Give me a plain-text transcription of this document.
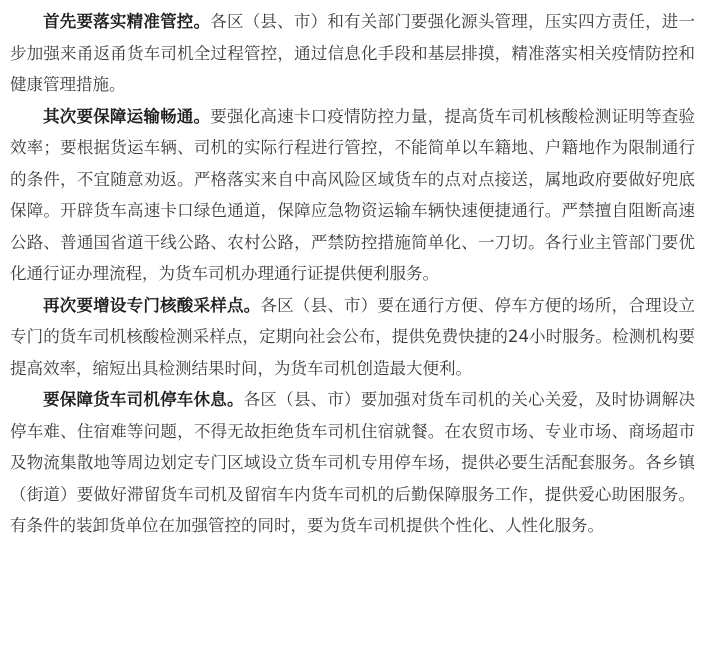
首先要落实精准管控。各区（县、市）和有关部门要强化源头管理，压实四方责任，进一步加强来甬返甬货车司机全过程管控，通过信息化手段和基层排摸，精准落实相关疫情防控和健康管理措施。

其次要保障运输畅通。要强化高速卡口疫情防控力量，提高货车司机核酸检测证明等查验效率；要根据货运车辆、司机的实际行程进行管控，不能简单以车籍地、户籍地作为限制通行的条件，不宜随意劝返。严格落实来自中高风险区域货车的点对点接送，属地政府要做好兜底保障。开辟货车高速卡口绿色通道，保障应急物资运输车辆快速便捷通行。严禁擅自阻断高速公路、普通国省道干线公路、农村公路，严禁防控措施简单化、一刀切。各行业主管部门要优化通行证办理流程，为货车司机办理通行证提供便利服务。

再次要增设专门核酸采样点。各区（县、市）要在通行方便、停车方便的场所，合理设立专门的货车司机核酸检测采样点，定期向社会公布，提供免费快捷的24小时服务。检测机构要提高效率，缩短出具检测结果时间，为货车司机创造最大便利。

要保障货车司机停车休息。各区（县、市）要加强对货车司机的关心关爱，及时协调解决停车难、住宿难等问题，不得无故拒绝货车司机住宿就餐。在农贸市场、专业市场、商场超市及物流集散地等周边划定专门区域设立货车司机专用停车场，提供必要生活配套服务。各乡镇（街道）要做好滞留货车司机及留宿车内货车司机的后勤保障服务工作，提供爱心助困服务。有条件的装卸货单位在加强管控的同时，要为货车司机提供个性化、人性化服务。
